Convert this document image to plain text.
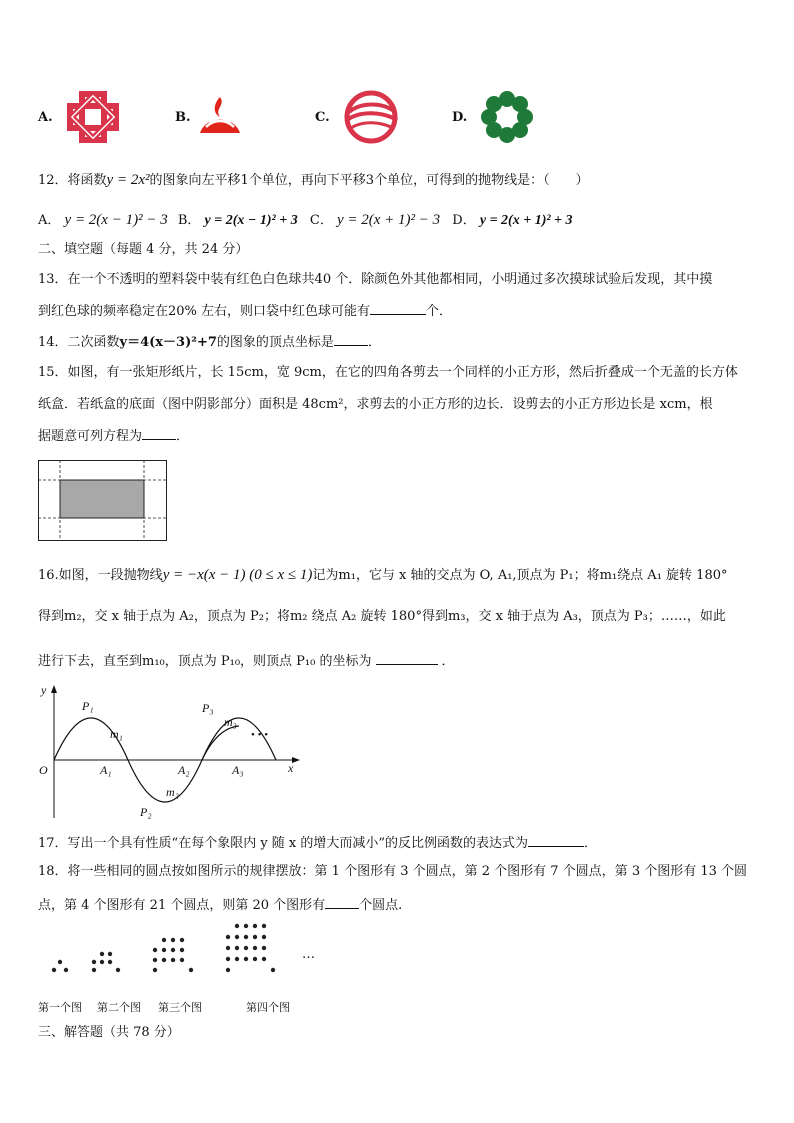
A.	B.	C.	D.
12．将函数y = 2x²的图象向左平移1个单位，再向下平移3个单位，可得到的抛物线是：（　　）
A． y = 2(x − 1)² − 3 B． y = 2(x − 1)² + 3 C． y = 2(x + 1)² − 3 D． y = 2(x + 1)² + 3
二、填空题（每题 4 分，共 24 分）
13．在一个不透明的塑料袋中装有红色白色球共40 个．除颜色外其他都相同，小明通过多次摸球试验后发现，其中摸
到红色球的频率稳定在20% 左右，则口袋中红色球可能有	个．
14．二次函数y＝4(x－3)²+7的图象的顶点坐标是	．
15．如图，有一张矩形纸片，长 15cm，宽 9cm，在它的四角各剪去一个同样的小正方形，然后折叠成一个无盖的长方体
纸盒．若纸盒的底面（图中阴影部分）面积是 48cm²，求剪去的小正方形的边长．设剪去的小正方形边长是 xcm，根
据题意可列方程为	．
16.如图，一段抛物线y = −x(x − 1) (0 ≤ x ≤ 1)记为m₁，它与 x 轴的交点为 O, A₁,顶点为 P₁；将m₁绕点 A₁ 旋转 180°
得到m₂，交 x 轴于点为 A₂，顶点为 P₂；将m₂ 绕点 A₂ 旋转 180°得到m₃，交 x 轴于点为 A₃，顶点为 P₃；……，如此
进行下去，直至到m₁₀，顶点为 P₁₀，则顶点 P₁₀ 的坐标为	．
y
x
O
P₁
m₁
A₁	A₂	A₃
P₂
m₂
P₃
m₃
• • •
17．写出一个具有性质“在每个象限内 y 随 x 的增大而减小”的反比例函数的表达式为	．
18．将一些相同的圆点按如图所示的规律摆放：第 1 个图形有 3 个圆点，第 2 个图形有 7 个圆点，第 3 个图形有 13 个圆
点，第 4 个图形有 21 个圆点，则第 20 个图形有	个圆点.
…
第一个图 第二个图 第三个图	第四个图
三、解答题（共 78 分）
